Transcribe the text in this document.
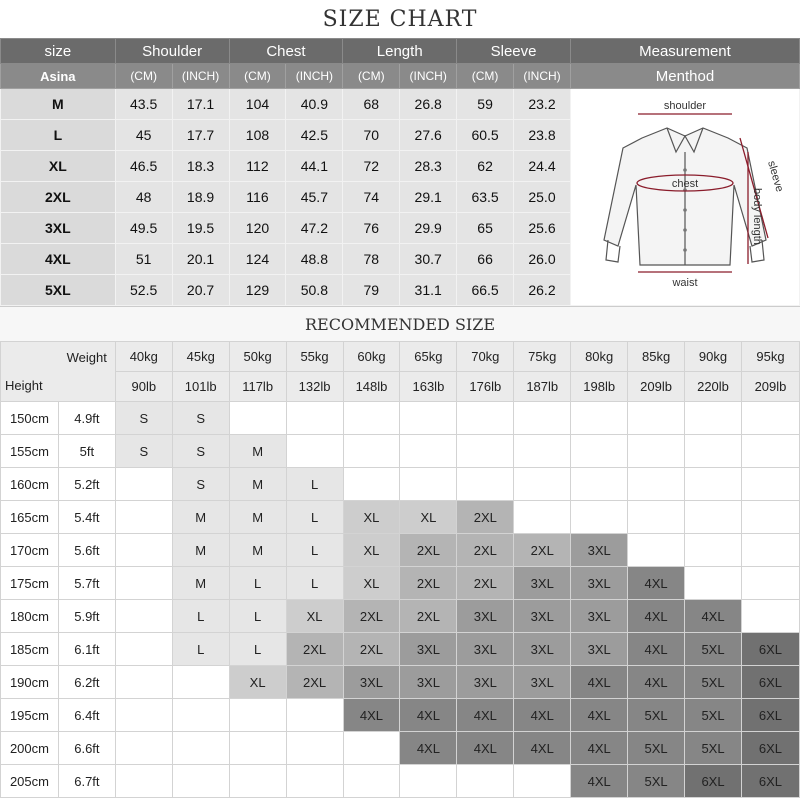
SIZE CHART
size	Shoulder		Chest		Length		Sleeve		Measurement
Asina	(CM)	(INCH)	(CM)	(INCH)	(CM)	(INCH)	(CM)	(INCH)	Menthod
M	43.5	17.1	104	40.9	68	26.8	59	23.2	shoulder
chest sleeve
body length
waist

L	45	17.7	108	42.5	70	27.6	60.5	23.8	
XL	46.5	18.3	112	44.1	72	28.3	62	24.4	
2XL	48	18.9	116	45.7	74	29.1	63.5	25.0	
3XL	49.5	19.5	120	47.2	76	29.9	65	25.6	
4XL	51	20.1	124	48.8	78	30.7	66	26.0	
5XL	52.5	20.7	129	50.8	79	31.1	66.5	26.2	
RECOMMENDED SIZE
Weight
Height		40kg	45kg	50kg	55kg	60kg	65kg	70kg	75kg	80kg	85kg	90kg	95kg
		90lb	101lb	117lb	132lb	148lb	163lb	176lb	187lb	198lb	209lb	220lb	209lb
150cm	4.9ft	S	S										
155cm	5ft	S	S	M									
160cm	5.2ft		S	M	L								
165cm	5.4ft		M	M	L	XL	XL	2XL					
170cm	5.6ft		M	M	L	XL	2XL	2XL	2XL	3XL			
175cm	5.7ft		M	L	L	XL	2XL	2XL	3XL	3XL	4XL		
180cm	5.9ft		L	L	XL	2XL	2XL	3XL	3XL	3XL	4XL	4XL	
185cm	6.1ft		L	L	2XL	2XL	3XL	3XL	3XL	3XL	4XL	5XL	6XL
190cm	6.2ft			XL	2XL	3XL	3XL	3XL	3XL	4XL	4XL	5XL	6XL
195cm	6.4ft					4XL	4XL	4XL	4XL	4XL	5XL	5XL	6XL
200cm	6.6ft						4XL	4XL	4XL	4XL	5XL	5XL	6XL
205cm	6.7ft									4XL	5XL	6XL	6XL
